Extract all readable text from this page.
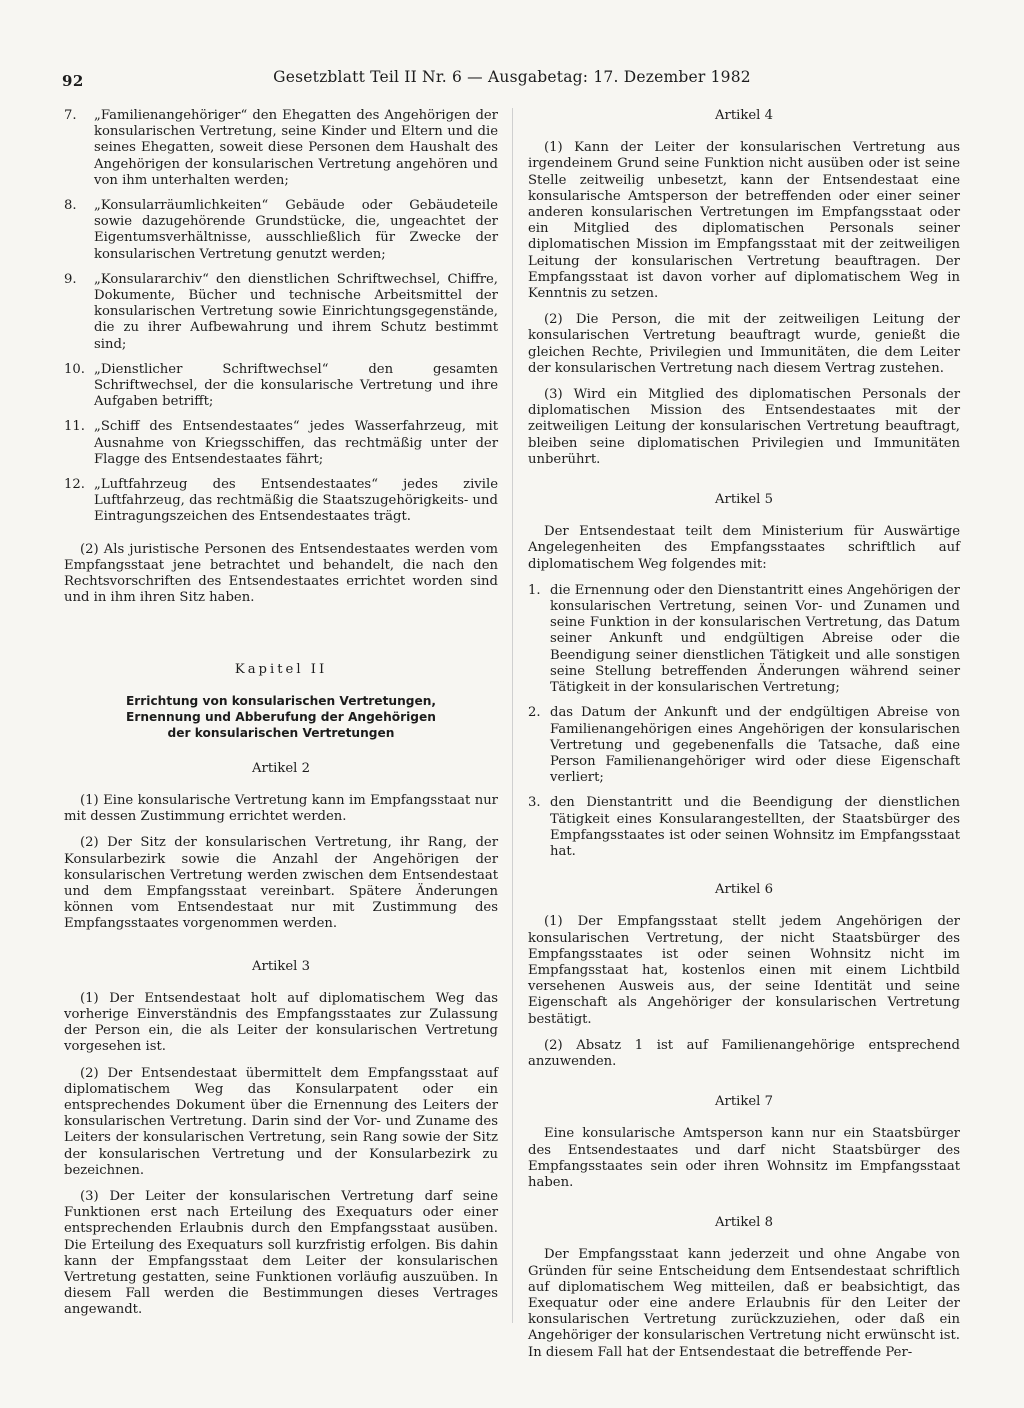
92	Gesetzblatt Teil II Nr. 6 — Ausgabetag: 17. Dezember 1982
7.	„Familienangehöriger“ den Ehegatten des Angehörigen der konsularischen Vertretung, seine Kinder und Eltern und die seines Ehegatten, soweit diese Personen dem Haushalt des Angehörigen der konsularischen Vertretung angehören und von ihm unterhalten werden;
8.	„Konsularräumlichkeiten“ Gebäude oder Gebäudeteile sowie dazugehörende Grundstücke, die, ungeachtet der Eigentumsverhältnisse, ausschließlich für Zwecke der konsularischen Vertretung genutzt werden;
9.	„Konsulararchiv“ den dienstlichen Schriftwechsel, Chiffre, Dokumente, Bücher und technische Arbeitsmittel der konsularischen Vertretung sowie Einrichtungsgegenstände, die zu ihrer Aufbewahrung und ihrem Schutz bestimmt sind;
10. „Dienstlicher Schriftwechsel“ den gesamten Schriftwechsel, der die konsularische Vertretung und ihre Aufgaben betrifft;
11. „Schiff des Entsendestaates“ jedes Wasserfahrzeug, mit Ausnahme von Kriegsschiffen, das rechtmäßig unter der Flagge des Entsendestaates fährt;
12. „Luftfahrzeug des Entsendestaates“ jedes zivile Luftfahrzeug, das rechtmäßig die Staatszugehörigkeits- und Eintragungszeichen des Entsendestaates trägt.

(2) Als juristische Personen des Entsendestaates werden vom Empfangsstaat jene betrachtet und behandelt, die nach den Rechtsvorschriften des Entsendestaates errichtet worden sind und in ihm ihren Sitz haben.

Kapitel II
Errichtung von konsularischen Vertretungen,
Ernennung und Abberufung der Angehörigen
der konsularischen Vertretungen
Artikel 2

(1) Eine konsularische Vertretung kann im Empfangsstaat nur mit dessen Zustimmung errichtet werden.

(2) Der Sitz der konsularischen Vertretung, ihr Rang, der Konsularbezirk sowie die Anzahl der Angehörigen der konsularischen Vertretung werden zwischen dem Entsendestaat und dem Empfangsstaat vereinbart. Spätere Änderungen können vom Entsendestaat nur mit Zustimmung des Empfangsstaates vorgenommen werden.

Artikel 3

(1) Der Entsendestaat holt auf diplomatischem Weg das vorherige Einverständnis des Empfangsstaates zur Zulassung der Person ein, die als Leiter der konsularischen Vertretung vorgesehen ist.

(2) Der Entsendestaat übermittelt dem Empfangsstaat auf diplomatischem Weg das Konsularpatent oder ein entsprechendes Dokument über die Ernennung des Leiters der konsularischen Vertretung. Darin sind der Vor- und Zuname des Leiters der konsularischen Vertretung, sein Rang sowie der Sitz der konsularischen Vertretung und der Konsularbezirk zu bezeichnen.

(3) Der Leiter der konsularischen Vertretung darf seine Funktionen erst nach Erteilung des Exequaturs oder einer entsprechenden Erlaubnis durch den Empfangsstaat ausüben. Die Erteilung des Exequaturs soll kurzfristig erfolgen. Bis dahin kann der Empfangsstaat dem Leiter der konsularischen Vertretung gestatten, seine Funktionen vorläufig auszuüben. In diesem Fall werden die Bestimmungen dieses Vertrages angewandt.

Artikel 4

(1) Kann der Leiter der konsularischen Vertretung aus irgendeinem Grund seine Funktion nicht ausüben oder ist seine Stelle zeitweilig unbesetzt, kann der Entsendestaat eine konsularische Amtsperson der betreffenden oder einer seiner anderen konsularischen Vertretungen im Empfangsstaat oder ein Mitglied des diplomatischen Personals seiner diplomatischen Mission im Empfangsstaat mit der zeitweiligen Leitung der konsularischen Vertretung beauftragen. Der Empfangsstaat ist davon vorher auf diplomatischem Weg in Kenntnis zu setzen.

(2) Die Person, die mit der zeitweiligen Leitung der konsularischen Vertretung beauftragt wurde, genießt die gleichen Rechte, Privilegien und Immunitäten, die dem Leiter der konsularischen Vertretung nach diesem Vertrag zustehen.

(3) Wird ein Mitglied des diplomatischen Personals der diplomatischen Mission des Entsendestaates mit der zeitweiligen Leitung der konsularischen Vertretung beauftragt, bleiben seine diplomatischen Privilegien und Immunitäten unberührt.

Artikel 5

Der Entsendestaat teilt dem Ministerium für Auswärtige Angelegenheiten des Empfangsstaates schriftlich auf diplomatischem Weg folgendes mit:

1. die Ernennung oder den Dienstantritt eines Angehörigen der konsularischen Vertretung, seinen Vor- und Zunamen und seine Funktion in der konsularischen Vertretung, das Datum seiner Ankunft und endgültigen Abreise oder die Beendigung seiner dienstlichen Tätigkeit und alle sonstigen seine Stellung betreffenden Änderungen während seiner Tätigkeit in der konsularischen Vertretung;
2. das Datum der Ankunft und der endgültigen Abreise von Familienangehörigen eines Angehörigen der konsularischen Vertretung und gegebenenfalls die Tatsache, daß eine Person Familienangehöriger wird oder diese Eigenschaft verliert;
3. den Dienstantritt und die Beendigung der dienstlichen Tätigkeit eines Konsularangestellten, der Staatsbürger des Empfangsstaates ist oder seinen Wohnsitz im Empfangsstaat hat.
Artikel 6

(1) Der Empfangsstaat stellt jedem Angehörigen der konsularischen Vertretung, der nicht Staatsbürger des Empfangsstaates ist oder seinen Wohnsitz nicht im Empfangsstaat hat, kostenlos einen mit einem Lichtbild versehenen Ausweis aus, der seine Identität und seine Eigenschaft als Angehöriger der konsularischen Vertretung bestätigt.

(2) Absatz 1 ist auf Familienangehörige entsprechend anzuwenden.

Artikel 7

Eine konsularische Amtsperson kann nur ein Staatsbürger des Entsendestaates und darf nicht Staatsbürger des Empfangsstaates sein oder ihren Wohnsitz im Empfangsstaat haben.

Artikel 8

Der Empfangsstaat kann jederzeit und ohne Angabe von Gründen für seine Entscheidung dem Entsendestaat schriftlich auf diplomatischem Weg mitteilen, daß er beabsichtigt, das Exequatur oder eine andere Erlaubnis für den Leiter der konsularischen Vertretung zurückzuziehen, oder daß ein Angehöriger der konsularischen Vertretung nicht erwünscht ist. In diesem Fall hat der Entsendestaat die betreffende Per-
